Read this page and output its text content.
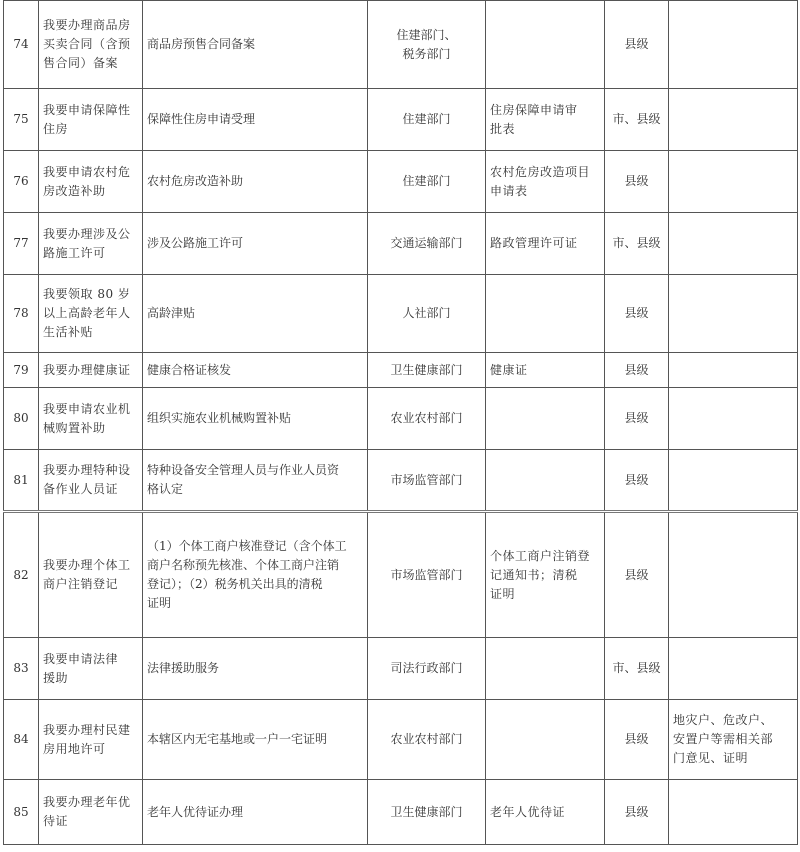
74	我要办理商品房
买卖合同（含预
售合同）备案	商品房预售合同备案	住建部门、
税务部门		县级	
75	我要申请保障性
住房	保障性住房申请受理	住建部门	住房保障申请审
批表	市、县级	
76	我要申请农村危
房改造补助	农村危房改造补助	住建部门	农村危房改造项目
申请表	县级	
77	我要办理涉及公
路施工许可	涉及公路施工许可	交通运输部门	路政管理许可证	市、县级	
78	我要领取 80 岁
以上高龄老年人
生活补贴	高龄津贴	人社部门		县级	
79	我要办理健康证	健康合格证核发	卫生健康部门	健康证	县级	
80	我要申请农业机
械购置补助	组织实施农业机械购置补贴	农业农村部门		县级	
81	我要办理特种设
备作业人员证	特种设备安全管理人员与作业人员资
格认定	市场监管部门		县级	
82	我要办理个体工
商户注销登记	（1）个体工商户核准登记（含个体工
商户名称预先核准、个体工商户注销
登记）；（2）税务机关出具的清税
证明	市场监管部门	个体工商户注销登
记通知书；清税
证明	县级	
83	我要申请法律
援助	法律援助服务	司法行政部门		市、县级	
84	我要办理村民建
房用地许可	本辖区内无宅基地或一户一宅证明	农业农村部门		县级	地灾户、危改户、
安置户等需相关部
门意见、证明

85	我要办理老年优
待证	老年人优待证办理	卫生健康部门	老年人优待证	县级	
